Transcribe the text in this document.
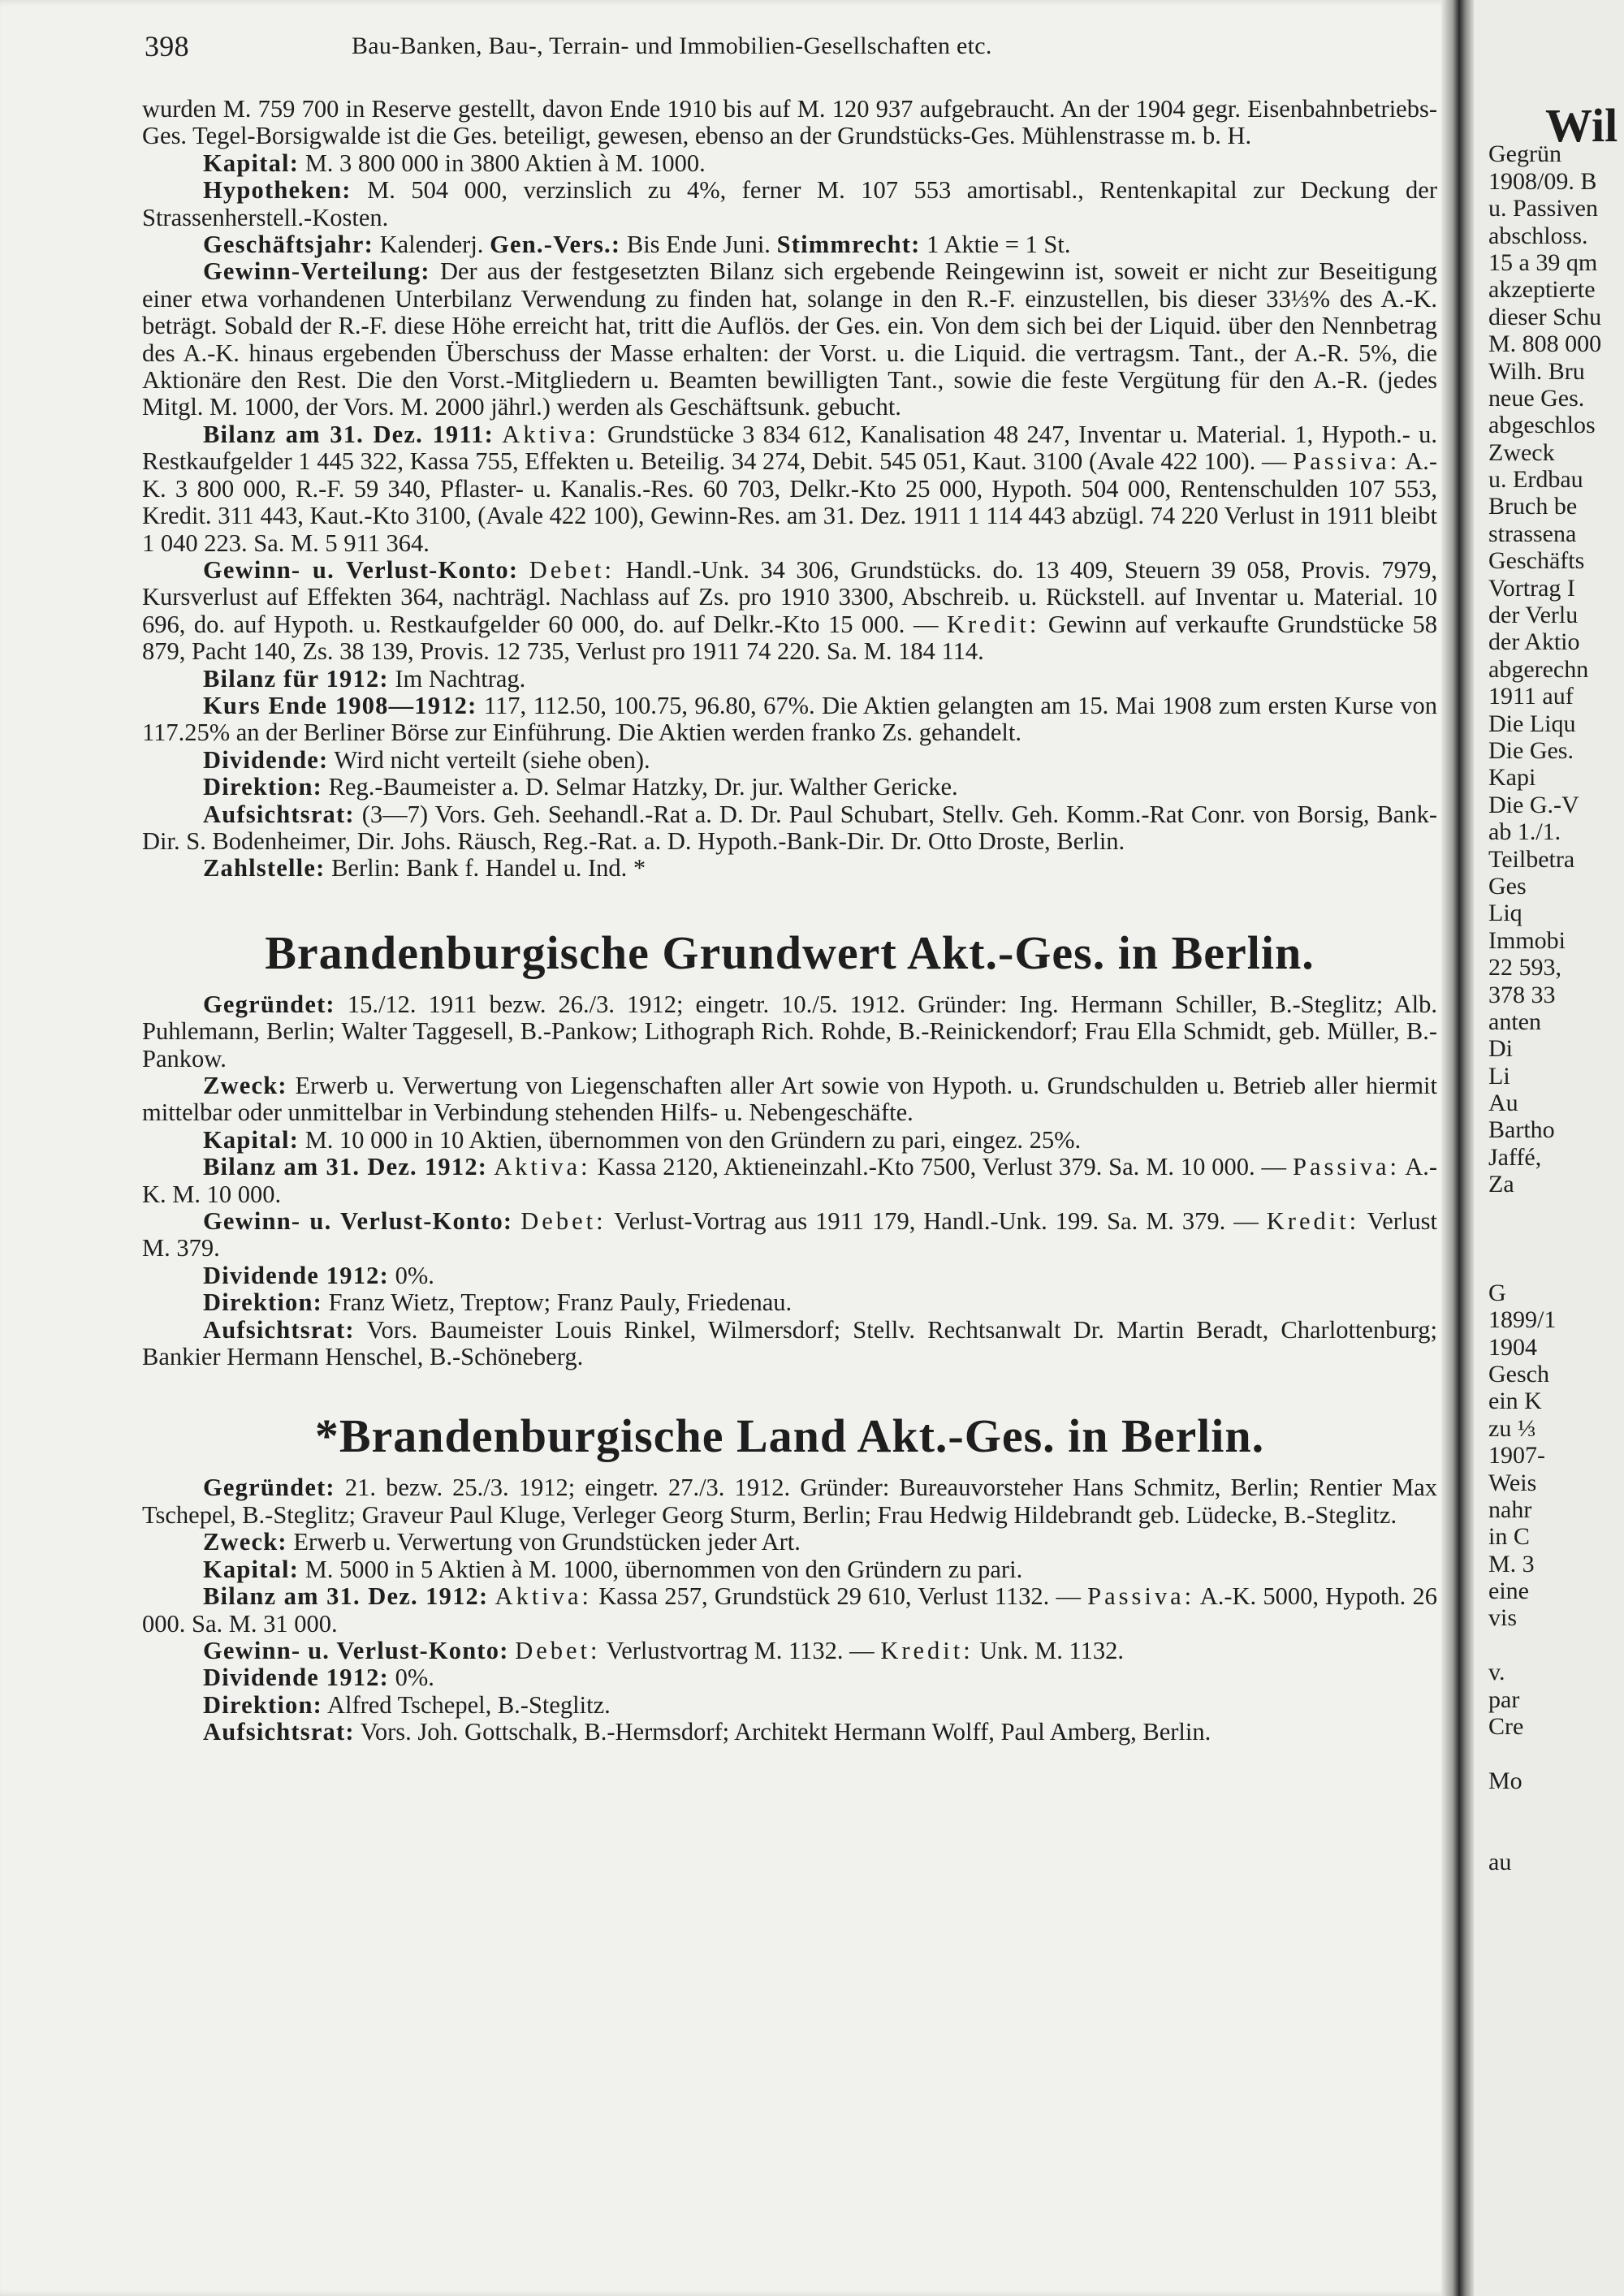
398	Bau-Banken, Bau-, Terrain- und Immobilien-Gesellschaften etc.

wurden M. 759 700 in Reserve gestellt, davon Ende 1910 bis auf M. 120 937 aufgebraucht. An der 1904 gegr. Eisenbahnbetriebs-Ges. Tegel-Borsigwalde ist die Ges. beteiligt, gewesen, ebenso an der Grundstücks-Ges. Mühlenstrasse m. b. H.

Kapital: M. 3 800 000 in 3800 Aktien à M. 1000.

Hypotheken: M. 504 000, verzinslich zu 4%, ferner M. 107 553 amortisabl., Rentenkapital zur Deckung der Strassenherstell.-Kosten.

Geschäftsjahr: Kalenderj. Gen.-Vers.: Bis Ende Juni. Stimmrecht: 1 Aktie = 1 St.

Gewinn-Verteilung: Der aus der festgesetzten Bilanz sich ergebende Reingewinn ist, soweit er nicht zur Beseitigung einer etwa vorhandenen Unterbilanz Verwendung zu finden hat, solange in den R.-F. einzustellen, bis dieser 33⅓% des A.-K. beträgt. Sobald der R.-F. diese Höhe erreicht hat, tritt die Auflös. der Ges. ein. Von dem sich bei der Liquid. über den Nennbetrag des A.-K. hinaus ergebenden Überschuss der Masse erhalten: der Vorst. u. die Liquid. die vertragsm. Tant., der A.-R. 5%, die Aktionäre den Rest. Die den Vorst.-Mitgliedern u. Beamten bewilligten Tant., sowie die feste Vergütung für den A.-R. (jedes Mitgl. M. 1000, der Vors. M. 2000 jährl.) werden als Geschäftsunk. gebucht.

Bilanz am 31. Dez. 1911: Aktiva: Grundstücke 3 834 612, Kanalisation 48 247, Inventar u. Material. 1, Hypoth.- u. Restkaufgelder 1 445 322, Kassa 755, Effekten u. Beteilig. 34 274, Debit. 545 051, Kaut. 3100 (Avale 422 100). — Passiva: A.-K. 3 800 000, R.-F. 59 340, Pflaster- u. Kanalis.-Res. 60 703, Delkr.-Kto 25 000, Hypoth. 504 000, Rentenschulden 107 553, Kredit. 311 443, Kaut.-Kto 3100, (Avale 422 100), Gewinn-Res. am 31. Dez. 1911 1 114 443 abzügl. 74 220 Verlust in 1911 bleibt 1 040 223. Sa. M. 5 911 364.

Gewinn- u. Verlust-Konto: Debet: Handl.-Unk. 34 306, Grundstücks. do. 13 409, Steuern 39 058, Provis. 7979, Kursverlust auf Effekten 364, nachträgl. Nachlass auf Zs. pro 1910 3300, Abschreib. u. Rückstell. auf Inventar u. Material. 10 696, do. auf Hypoth. u. Restkaufgelder 60 000, do. auf Delkr.-Kto 15 000. — Kredit: Gewinn auf verkaufte Grundstücke 58 879, Pacht 140, Zs. 38 139, Provis. 12 735, Verlust pro 1911 74 220. Sa. M. 184 114.

Bilanz für 1912: Im Nachtrag.

Kurs Ende 1908—1912: 117, 112.50, 100.75, 96.80, 67%. Die Aktien gelangten am 15. Mai 1908 zum ersten Kurse von 117.25% an der Berliner Börse zur Einführung. Die Aktien werden franko Zs. gehandelt.

Dividende: Wird nicht verteilt (siehe oben).

Direktion: Reg.-Baumeister a. D. Selmar Hatzky, Dr. jur. Walther Gericke.

Aufsichtsrat: (3—7) Vors. Geh. Seehandl.-Rat a. D. Dr. Paul Schubart, Stellv. Geh. Komm.-Rat Conr. von Borsig, Bank-Dir. S. Bodenheimer, Dir. Johs. Räusch, Reg.-Rat. a. D. Hypoth.-Bank-Dir. Dr. Otto Droste, Berlin.

Zahlstelle: Berlin: Bank f. Handel u. Ind. *

Brandenburgische Grundwert Akt.-Ges. in Berlin.

Gegründet: 15./12. 1911 bezw. 26./3. 1912; eingetr. 10./5. 1912. Gründer: Ing. Hermann Schiller, B.-Steglitz; Alb. Puhlemann, Berlin; Walter Taggesell, B.-Pankow; Lithograph Rich. Rohde, B.-Reinickendorf; Frau Ella Schmidt, geb. Müller, B.-Pankow.

Zweck: Erwerb u. Verwertung von Liegenschaften aller Art sowie von Hypoth. u. Grundschulden u. Betrieb aller hiermit mittelbar oder unmittelbar in Verbindung stehenden Hilfs- u. Nebengeschäfte.

Kapital: M. 10 000 in 10 Aktien, übernommen von den Gründern zu pari, eingez. 25%.

Bilanz am 31. Dez. 1912: Aktiva: Kassa 2120, Aktieneinzahl.-Kto 7500, Verlust 379. Sa. M. 10 000. — Passiva: A.-K. M. 10 000.

Gewinn- u. Verlust-Konto: Debet: Verlust-Vortrag aus 1911 179, Handl.-Unk. 199. Sa. M. 379. — Kredit: Verlust M. 379.

Dividende 1912: 0%.

Direktion: Franz Wietz, Treptow; Franz Pauly, Friedenau.

Aufsichtsrat: Vors. Baumeister Louis Rinkel, Wilmersdorf; Stellv. Rechtsanwalt Dr. Martin Beradt, Charlottenburg; Bankier Hermann Henschel, B.-Schöneberg.

*Brandenburgische Land Akt.-Ges. in Berlin.

Gegründet: 21. bezw. 25./3. 1912; eingetr. 27./3. 1912. Gründer: Bureauvorsteher Hans Schmitz, Berlin; Rentier Max Tschepel, B.-Steglitz; Graveur Paul Kluge, Verleger Georg Sturm, Berlin; Frau Hedwig Hildebrandt geb. Lüdecke, B.-Steglitz.

Zweck: Erwerb u. Verwertung von Grundstücken jeder Art.

Kapital: M. 5000 in 5 Aktien à M. 1000, übernommen von den Gründern zu pari.

Bilanz am 31. Dez. 1912: Aktiva: Kassa 257, Grundstück 29 610, Verlust 1132. — Passiva: A.-K. 5000, Hypoth. 26 000. Sa. M. 31 000.

Gewinn- u. Verlust-Konto: Debet: Verlustvortrag M. 1132. — Kredit: Unk. M. 1132.

Dividende 1912: 0%.

Direktion: Alfred Tschepel, B.-Steglitz.

Aufsichtsrat: Vors. Joh. Gottschalk, B.-Hermsdorf; Architekt Hermann Wolff, Paul Amberg, Berlin.

Wil
Gegrün
1908/09. B
u. Passiven
abschloss.
15 a 39 qm
akzeptierte
dieser Schu
M. 808 000
Wilh. Bru
neue Ges.
abgeschlos
Zweck
u. Erdbau
Bruch be
strassena
Geschäfts
Vortrag I
der Verlu
der Aktio
abgerechn
1911 auf
Die Liqu
Die Ges.
Kapi
Die G.-V
ab 1./1.
Teilbetra
Ges
Liq
Immobi
22 593,
378 33
anten
Di
Li
Au
Bartho
Jaffé,
Za
G
1899/1
1904
Gesch
ein K
zu ⅓
1907-
Weis
nahr
in C
M. 3
eine
vis
v.
par
Cre
Mo
au
